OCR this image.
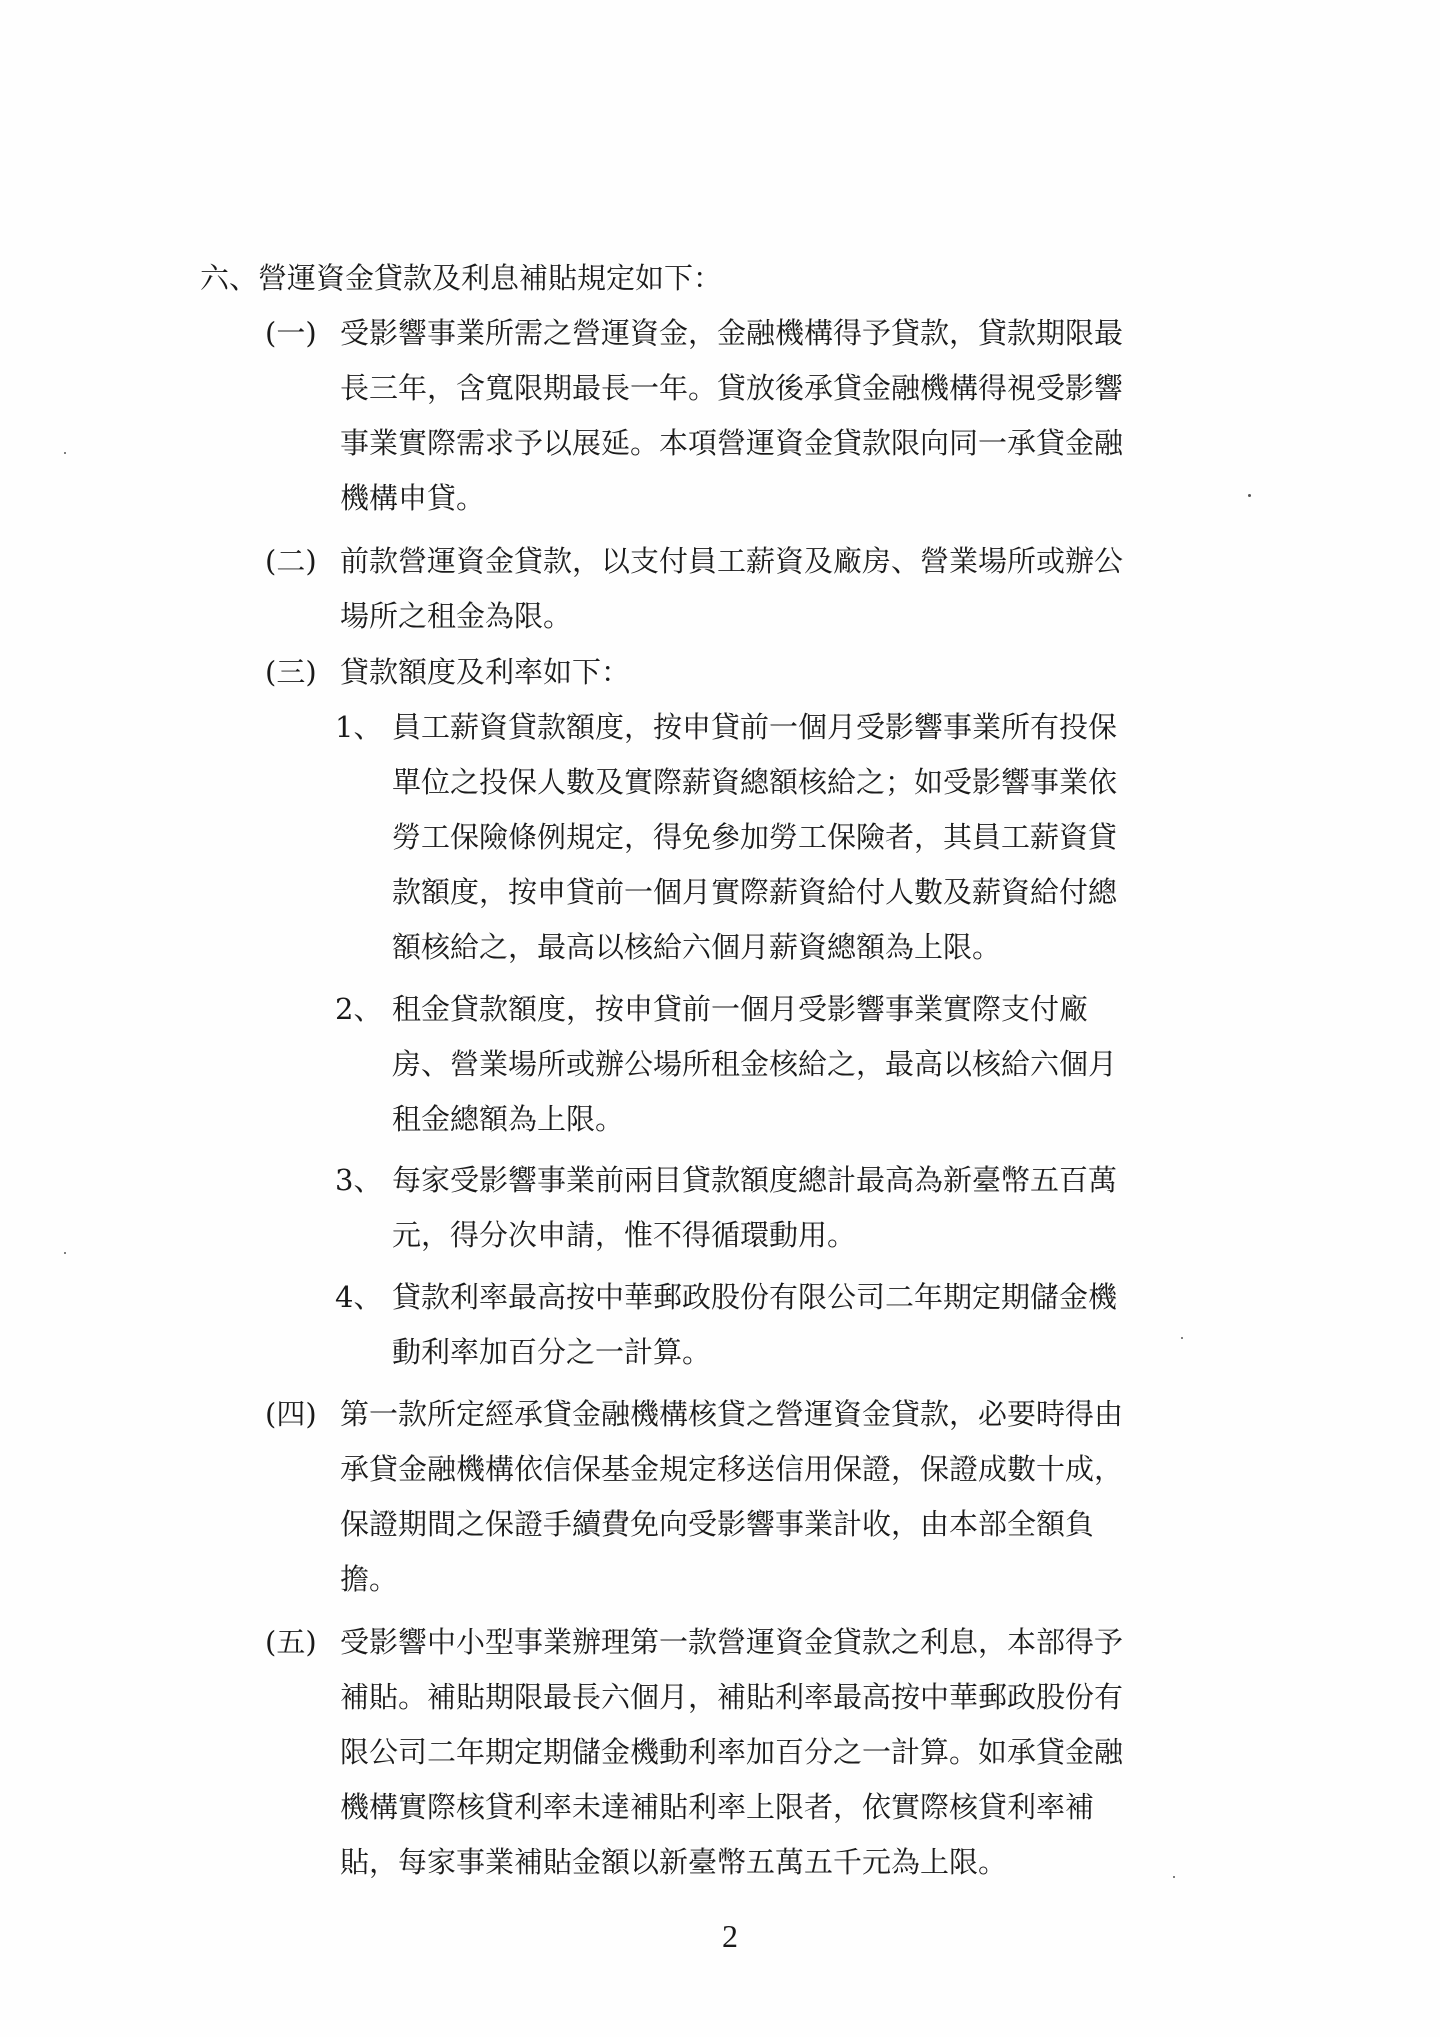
六、營運資金貸款及利息補貼規定如下：
(一) 受影響事業所需之營運資金，金融機構得予貸款，貸款期限最
長三年，含寬限期最長一年。貸放後承貸金融機構得視受影響
事業實際需求予以展延。本項營運資金貸款限向同一承貸金融
機構申貸。
(二) 前款營運資金貸款，以支付員工薪資及廠房、營業場所或辦公
場所之租金為限。
(三) 貸款額度及利率如下：
1、 員工薪資貸款額度，按申貸前一個月受影響事業所有投保
單位之投保人數及實際薪資總額核給之；如受影響事業依
勞工保險條例規定，得免參加勞工保險者，其員工薪資貸
款額度，按申貸前一個月實際薪資給付人數及薪資給付總
額核給之，最高以核給六個月薪資總額為上限。
2、 租金貸款額度，按申貸前一個月受影響事業實際支付廠
房、營業場所或辦公場所租金核給之，最高以核給六個月
租金總額為上限。
3、 每家受影響事業前兩目貸款額度總計最高為新臺幣五百萬
元，得分次申請，惟不得循環動用。
4、 貸款利率最高按中華郵政股份有限公司二年期定期儲金機
動利率加百分之一計算。
(四) 第一款所定經承貸金融機構核貸之營運資金貸款，必要時得由
承貸金融機構依信保基金規定移送信用保證，保證成數十成，
保證期間之保證手續費免向受影響事業計收，由本部全額負
擔。
(五) 受影響中小型事業辦理第一款營運資金貸款之利息，本部得予
補貼。補貼期限最長六個月，補貼利率最高按中華郵政股份有
限公司二年期定期儲金機動利率加百分之一計算。如承貸金融
機構實際核貸利率未達補貼利率上限者，依實際核貸利率補
貼，每家事業補貼金額以新臺幣五萬五千元為上限。
2
